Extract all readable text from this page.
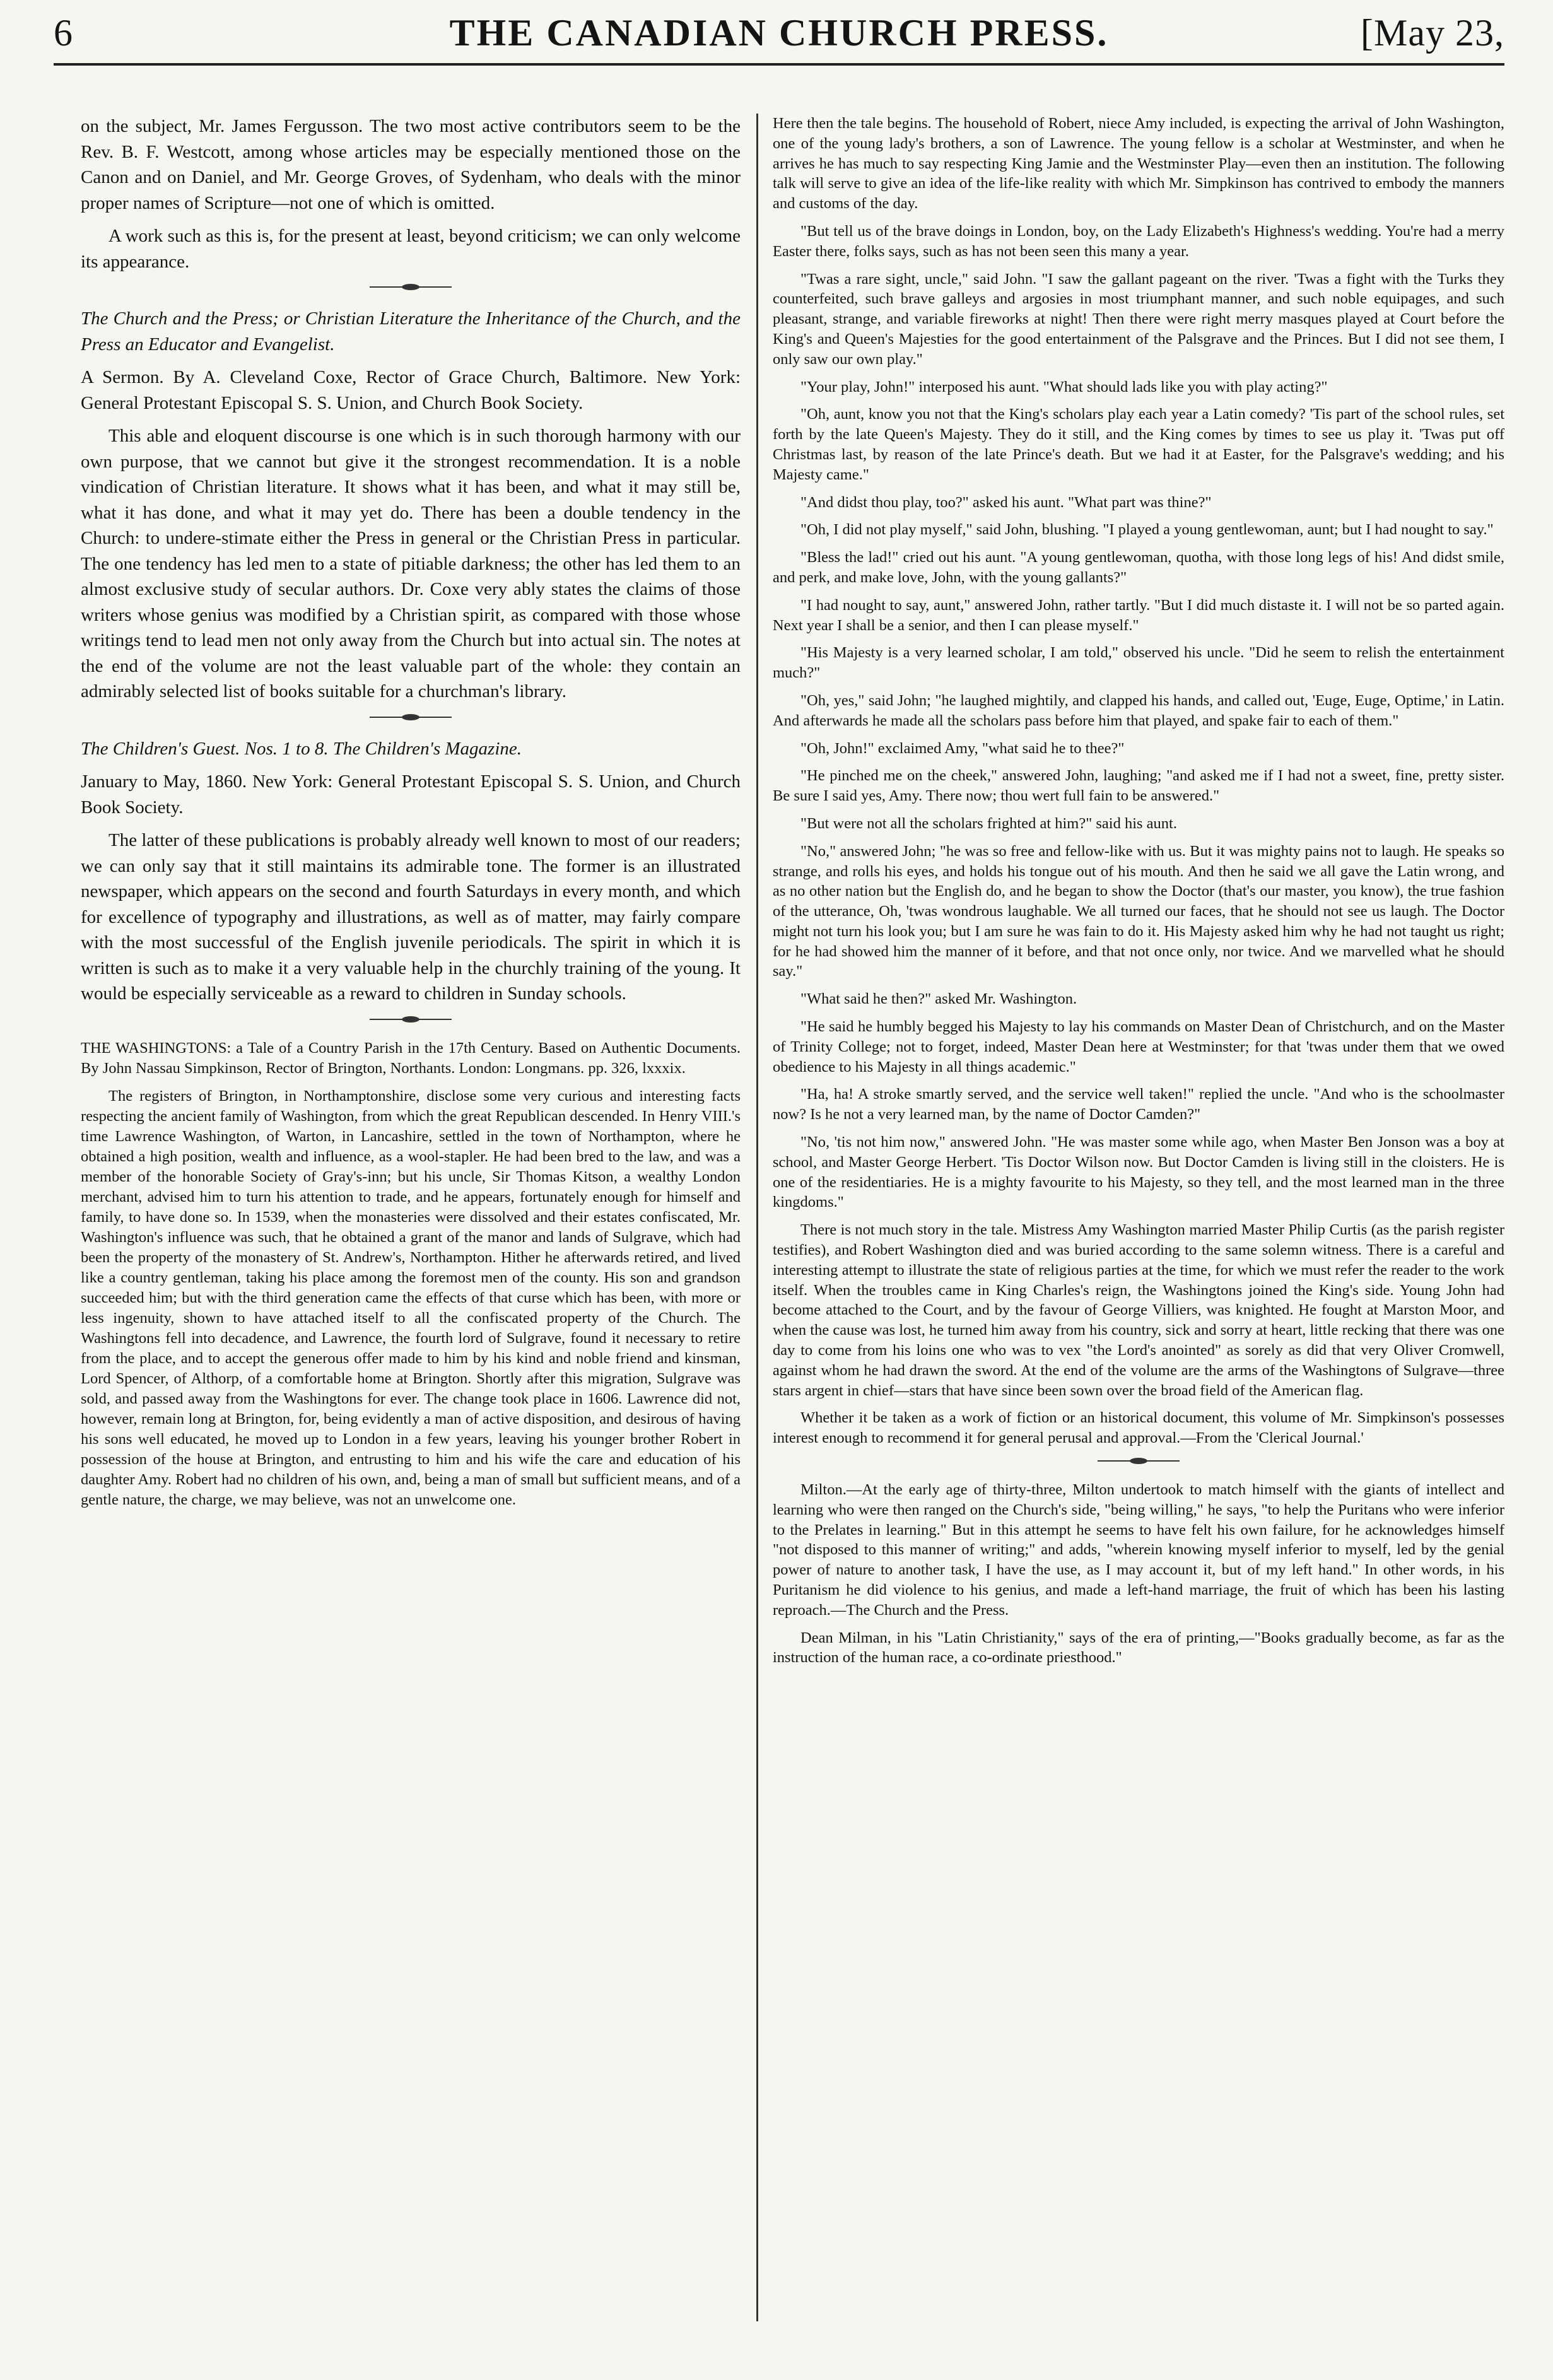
6	THE CANADIAN CHURCH PRESS.	[May 23,

on the subject, Mr. James Fergusson. The two most active contributors seem to be the Rev. B. F. Westcott, among whose articles may be especially mentioned those on the Canon and on Daniel, and Mr. George Groves, of Sydenham, who deals with the minor proper names of Scripture—not one of which is omitted.

A work such as this is, for the present at least, beyond criticism; we can only welcome its appearance.

The Church and the Press; or Christian Literature the Inheritance of the Church, and the Press an Educator and Evangelist.

A Sermon. By A. Cleveland Coxe, Rector of Grace Church, Baltimore. New York: General Protestant Episcopal S. S. Union, and Church Book Society.

This able and eloquent discourse is one which is in such thorough harmony with our own purpose, that we cannot but give it the strongest recommendation. It is a noble vindication of Christian literature. It shows what it has been, and what it may still be, what it has done, and what it may yet do. There has been a double tendency in the Church: to undere-stimate either the Press in general or the Christian Press in particular. The one tendency has led men to a state of pitiable darkness; the other has led them to an almost exclusive study of secular authors. Dr. Coxe very ably states the claims of those writers whose genius was modified by a Christian spirit, as compared with those whose writings tend to lead men not only away from the Church but into actual sin. The notes at the end of the volume are not the least valuable part of the whole: they contain an admirably selected list of books suitable for a churchman's library.

The Children's Guest. Nos. 1 to 8. The Children's Magazine.

January to May, 1860. New York: General Protestant Episcopal S. S. Union, and Church Book Society.

The latter of these publications is probably already well known to most of our readers; we can only say that it still maintains its admirable tone. The former is an illustrated newspaper, which appears on the second and fourth Saturdays in every month, and which for excellence of typography and illustrations, as well as of matter, may fairly compare with the most successful of the English juvenile periodicals. The spirit in which it is written is such as to make it a very valuable help in the churchly training of the young. It would be especially serviceable as a reward to children in Sunday schools.

THE WASHINGTONS: a Tale of a Country Parish in the 17th Century. Based on Authentic Documents. By John Nassau Simpkinson, Rector of Brington, Northants. London: Longmans. pp. 326, lxxxix.

The registers of Brington, in Northamptonshire, disclose some very curious and interesting facts respecting the ancient family of Washington, from which the great Republican descended. In Henry VIII.'s time Lawrence Washington, of Warton, in Lancashire, settled in the town of Northampton, where he obtained a high position, wealth and influence, as a wool-stapler. He had been bred to the law, and was a member of the honorable Society of Gray's-inn; but his uncle, Sir Thomas Kitson, a wealthy London merchant, advised him to turn his attention to trade, and he appears, fortunately enough for himself and family, to have done so. In 1539, when the monasteries were dissolved and their estates confiscated, Mr. Washington's influence was such, that he obtained a grant of the manor and lands of Sulgrave, which had been the property of the monastery of St. Andrew's, Northampton. Hither he afterwards retired, and lived like a country gentleman, taking his place among the foremost men of the county. His son and grandson succeeded him; but with the third generation came the effects of that curse which has been, with more or less ingenuity, shown to have attached itself to all the confiscated property of the Church. The Washingtons fell into decadence, and Lawrence, the fourth lord of Sulgrave, found it necessary to retire from the place, and to accept the generous offer made to him by his kind and noble friend and kinsman, Lord Spencer, of Althorp, of a comfortable home at Brington. Shortly after this migration, Sulgrave was sold, and passed away from the Washingtons for ever. The change took place in 1606. Lawrence did not, however, remain long at Brington, for, being evidently a man of active disposition, and desirous of having his sons well educated, he moved up to London in a few years, leaving his younger brother Robert in possession of the house at Brington, and entrusting to him and his wife the care and education of his daughter Amy. Robert had no children of his own, and, being a man of small but sufficient means, and of a gentle nature, the charge, we may believe, was not an unwelcome one.

Here then the tale begins. The household of Robert, niece Amy included, is expecting the arrival of John Washington, one of the young lady's brothers, a son of Lawrence. The young fellow is a scholar at Westminster, and when he arrives he has much to say respecting King Jamie and the Westminster Play—even then an institution. The following talk will serve to give an idea of the life-like reality with which Mr. Simpkinson has contrived to embody the manners and customs of the day.

"But tell us of the brave doings in London, boy, on the Lady Elizabeth's Highness's wedding. You're had a merry Easter there, folks says, such as has not been seen this many a year.

"Twas a rare sight, uncle," said John. "I saw the gallant pageant on the river. 'Twas a fight with the Turks they counterfeited, such brave galleys and argosies in most triumphant manner, and such noble equipages, and such pleasant, strange, and variable fireworks at night! Then there were right merry masques played at Court before the King's and Queen's Majesties for the good entertainment of the Palsgrave and the Princes. But I did not see them, I only saw our own play."

"Your play, John!" interposed his aunt. "What should lads like you with play acting?"

"Oh, aunt, know you not that the King's scholars play each year a Latin comedy? 'Tis part of the school rules, set forth by the late Queen's Majesty. They do it still, and the King comes by times to see us play it. 'Twas put off Christmas last, by reason of the late Prince's death. But we had it at Easter, for the Palsgrave's wedding; and his Majesty came."

"And didst thou play, too?" asked his aunt. "What part was thine?"

"Oh, I did not play myself," said John, blushing. "I played a young gentlewoman, aunt; but I had nought to say."

"Bless the lad!" cried out his aunt. "A young gentlewoman, quotha, with those long legs of his! And didst smile, and perk, and make love, John, with the young gallants?"

"I had nought to say, aunt," answered John, rather tartly. "But I did much distaste it. I will not be so parted again. Next year I shall be a senior, and then I can please myself."

"His Majesty is a very learned scholar, I am told," observed his uncle. "Did he seem to relish the entertainment much?"

"Oh, yes," said John; "he laughed mightily, and clapped his hands, and called out, 'Euge, Euge, Optime,' in Latin. And afterwards he made all the scholars pass before him that played, and spake fair to each of them."

"Oh, John!" exclaimed Amy, "what said he to thee?"

"He pinched me on the cheek," answered John, laughing; "and asked me if I had not a sweet, fine, pretty sister. Be sure I said yes, Amy. There now; thou wert full fain to be answered."

"But were not all the scholars frighted at him?" said his aunt.

"No," answered John; "he was so free and fellow-like with us. But it was mighty pains not to laugh. He speaks so strange, and rolls his eyes, and holds his tongue out of his mouth. And then he said we all gave the Latin wrong, and as no other nation but the English do, and he began to show the Doctor (that's our master, you know), the true fashion of the utterance, Oh, 'twas wondrous laughable. We all turned our faces, that he should not see us laugh. The Doctor might not turn his look you; but I am sure he was fain to do it. His Majesty asked him why he had not taught us right; for he had showed him the manner of it before, and that not once only, nor twice. And we marvelled what he should say."

"What said he then?" asked Mr. Washington.

"He said he humbly begged his Majesty to lay his commands on Master Dean of Christchurch, and on the Master of Trinity College; not to forget, indeed, Master Dean here at Westminster; for that 'twas under them that we owed obedience to his Majesty in all things academic."

"Ha, ha! A stroke smartly served, and the service well taken!" replied the uncle. "And who is the schoolmaster now? Is he not a very learned man, by the name of Doctor Camden?"

"No, 'tis not him now," answered John. "He was master some while ago, when Master Ben Jonson was a boy at school, and Master George Herbert. 'Tis Doctor Wilson now. But Doctor Camden is living still in the cloisters. He is one of the residentiaries. He is a mighty favourite to his Majesty, so they tell, and the most learned man in the three kingdoms."

There is not much story in the tale. Mistress Amy Washington married Master Philip Curtis (as the parish register testifies), and Robert Washington died and was buried according to the same solemn witness. There is a careful and interesting attempt to illustrate the state of religious parties at the time, for which we must refer the reader to the work itself. When the troubles came in King Charles's reign, the Washingtons joined the King's side. Young John had become attached to the Court, and by the favour of George Villiers, was knighted. He fought at Marston Moor, and when the cause was lost, he turned him away from his country, sick and sorry at heart, little recking that there was one day to come from his loins one who was to vex "the Lord's anointed" as sorely as did that very Oliver Cromwell, against whom he had drawn the sword. At the end of the volume are the arms of the Washingtons of Sulgrave—three stars argent in chief—stars that have since been sown over the broad field of the American flag.

Whether it be taken as a work of fiction or an historical document, this volume of Mr. Simpkinson's possesses interest enough to recommend it for general perusal and approval.—From the 'Clerical Journal.'

Milton.—At the early age of thirty-three, Milton undertook to match himself with the giants of intellect and learning who were then ranged on the Church's side, "being willing," he says, "to help the Puritans who were inferior to the Prelates in learning." But in this attempt he seems to have felt his own failure, for he acknowledges himself "not disposed to this manner of writing;" and adds, "wherein knowing myself inferior to myself, led by the genial power of nature to another task, I have the use, as I may account it, but of my left hand." In other words, in his Puritanism he did violence to his genius, and made a left-hand marriage, the fruit of which has been his lasting reproach.—The Church and the Press.

Dean Milman, in his "Latin Christianity," says of the era of printing,—"Books gradually become, as far as the instruction of the human race, a co-ordinate priesthood."
